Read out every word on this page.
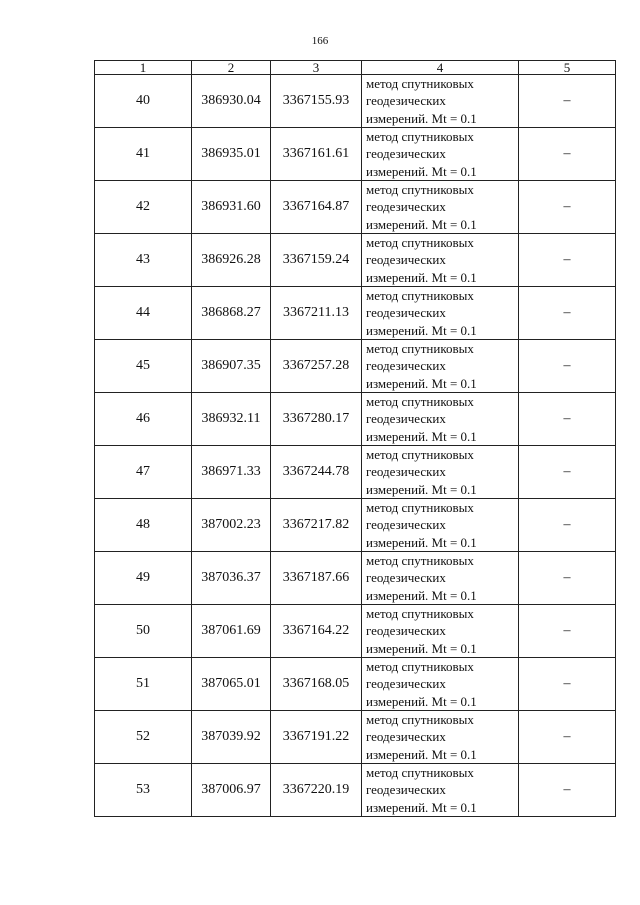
166
1	2	3	4	5
40	386930.04	3367155.93	метод спутниковых
геодезических
измерений. Mt = 0.1	–
41	386935.01	3367161.61	метод спутниковых
геодезических
измерений. Mt = 0.1	–
42	386931.60	3367164.87	метод спутниковых
геодезических
измерений. Mt = 0.1	–
43	386926.28	3367159.24	метод спутниковых
геодезических
измерений. Mt = 0.1	–
44	386868.27	3367211.13	метод спутниковых
геодезических
измерений. Mt = 0.1	–
45	386907.35	3367257.28	метод спутниковых
геодезических
измерений. Mt = 0.1	–
46	386932.11	3367280.17	метод спутниковых
геодезических
измерений. Mt = 0.1	–
47	386971.33	3367244.78	метод спутниковых
геодезических
измерений. Mt = 0.1	–
48	387002.23	3367217.82	метод спутниковых
геодезических
измерений. Mt = 0.1	–
49	387036.37	3367187.66	метод спутниковых
геодезических
измерений. Mt = 0.1	–
50	387061.69	3367164.22	метод спутниковых
геодезических
измерений. Mt = 0.1	–
51	387065.01	3367168.05	метод спутниковых
геодезических
измерений. Mt = 0.1	–
52	387039.92	3367191.22	метод спутниковых
геодезических
измерений. Mt = 0.1	–
53	387006.97	3367220.19	метод спутниковых
геодезических
измерений. Mt = 0.1	–
